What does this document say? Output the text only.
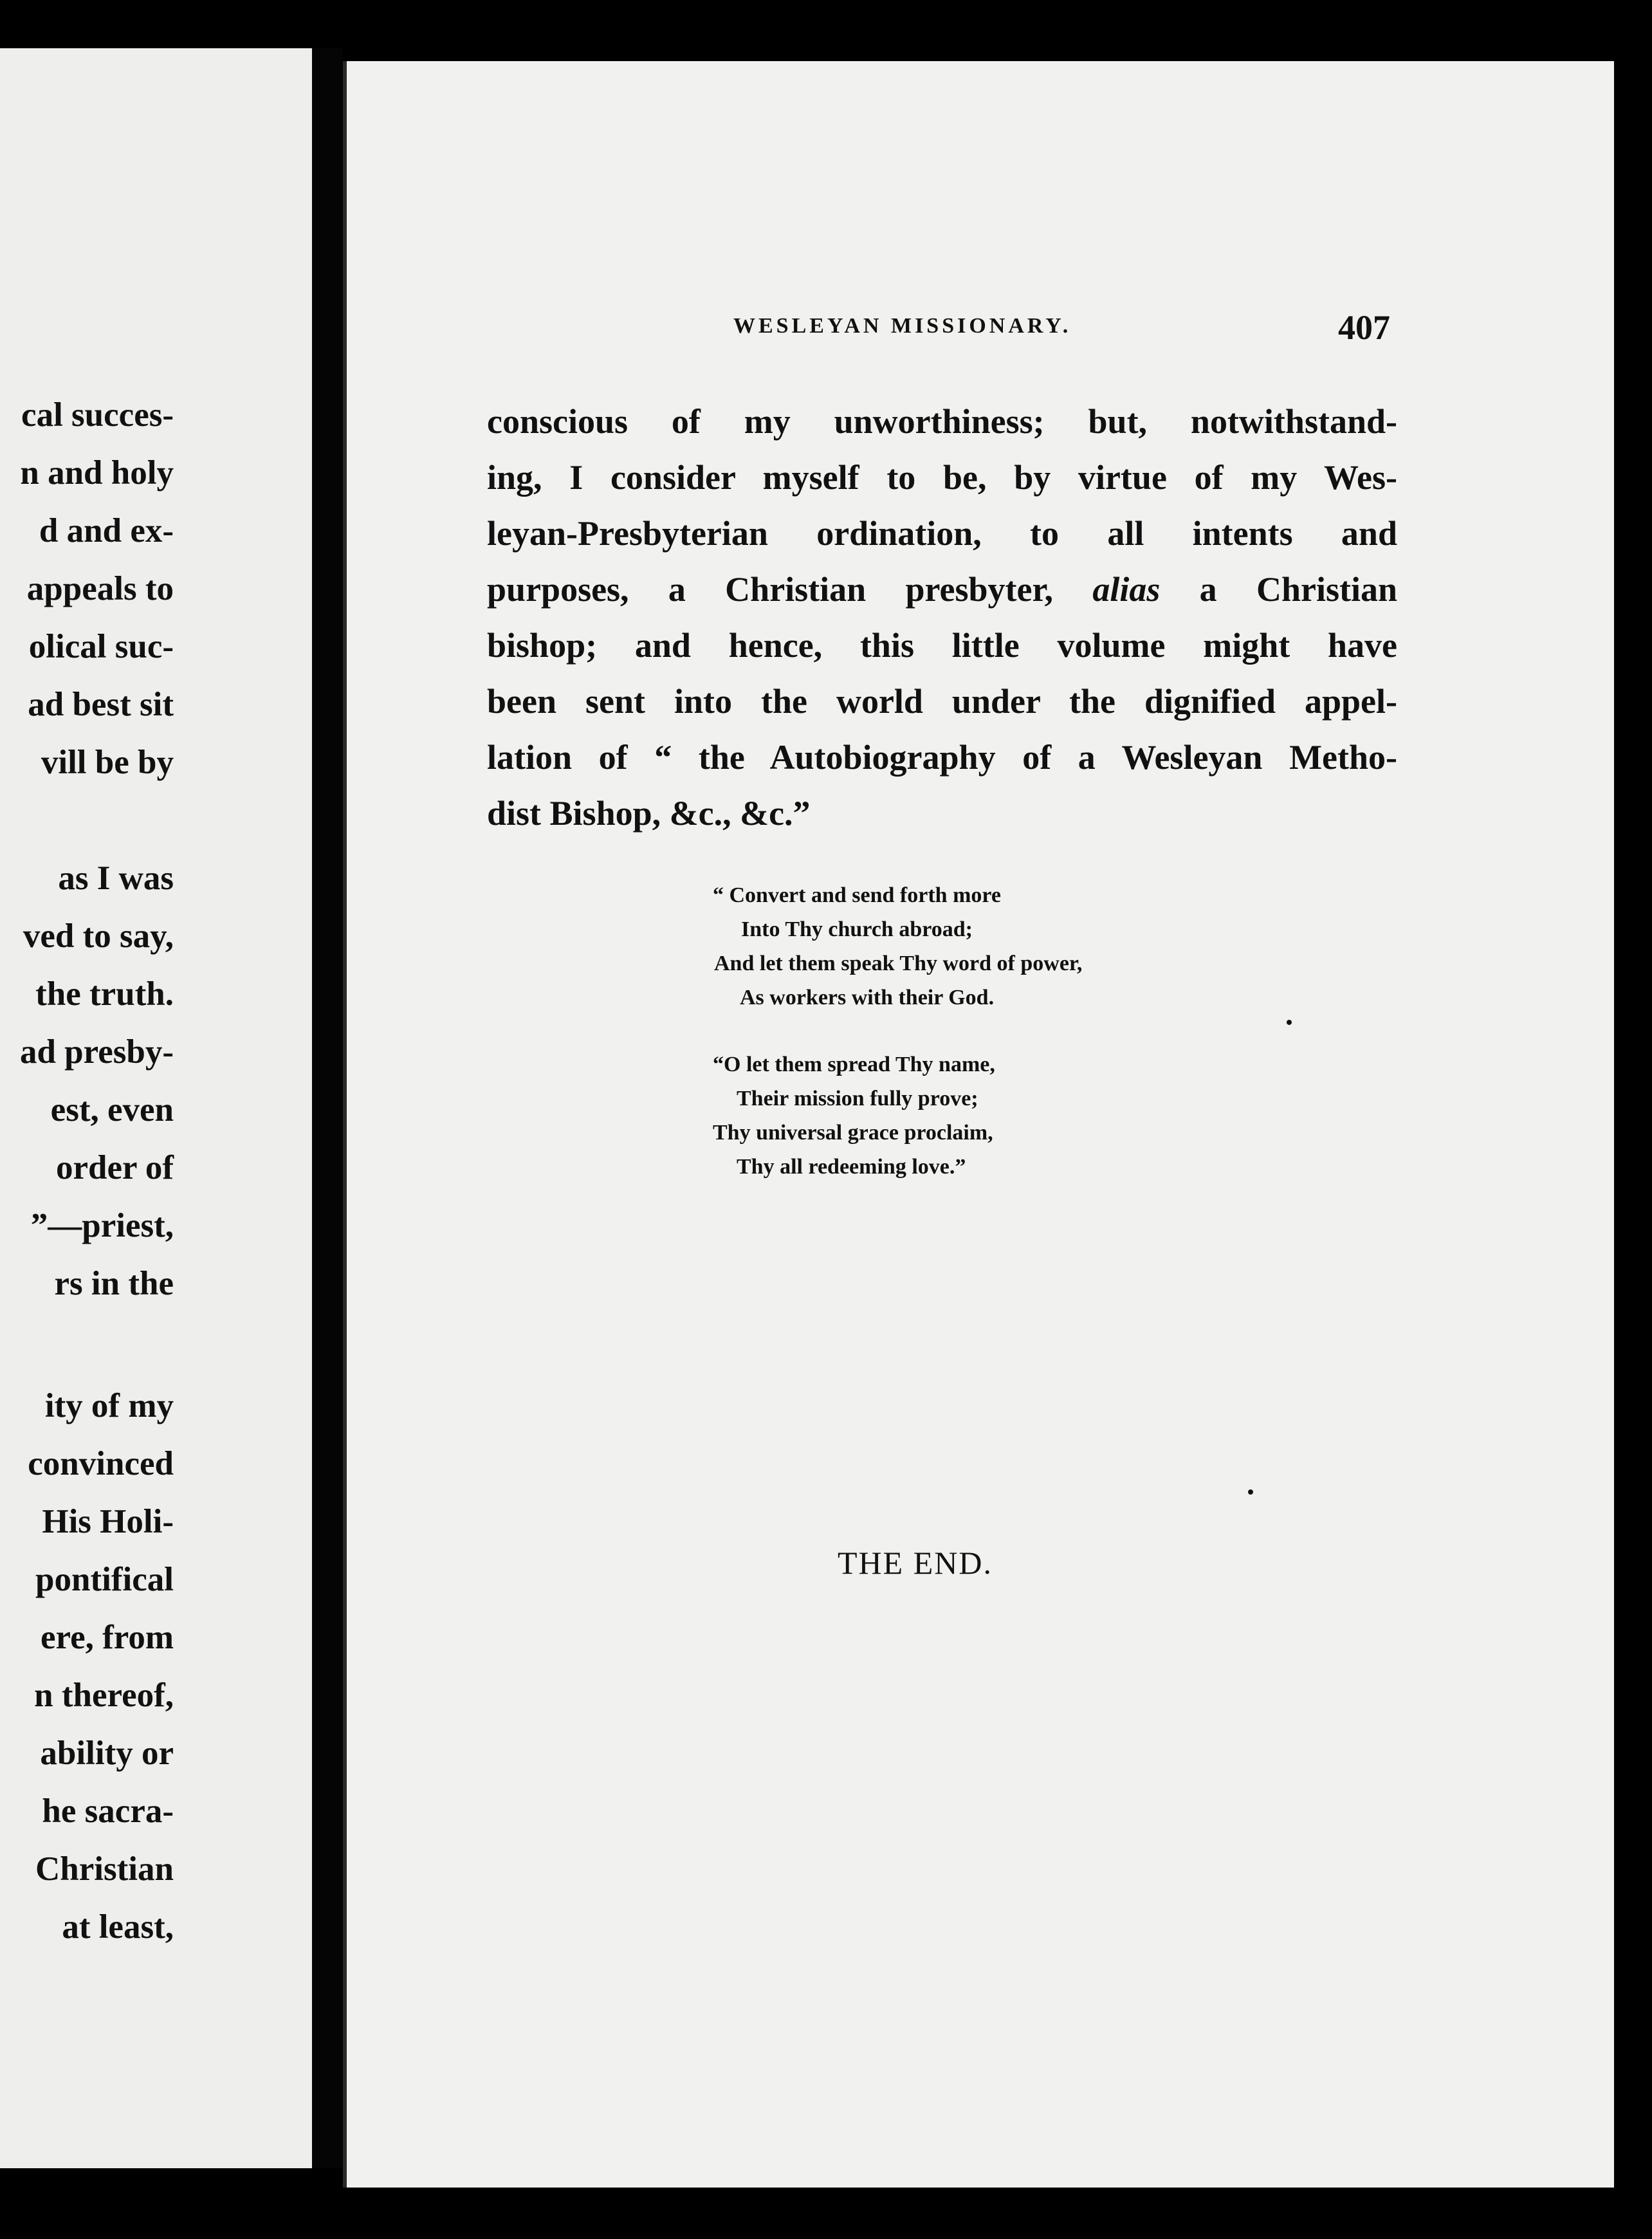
cal succes-
n and holy
d and ex-
appeals to
olical suc-
ad best sit
vill be by
as I was
ved to say,
the truth.
ad presby-
est, even
order of
”—priest,
rs in the
ity of my
convinced
His Holi-
pontifical
ere, from
n thereof,
ability or
he sacra-
Christian
at least,
WESLEYAN MISSIONARY.	407
conscious of my unworthiness; but, notwithstand-
ing, I consider myself to be, by virtue of my Wes-
leyan-Presbyterian ordination, to all intents and
purposes, a Christian presbyter, alias a Christian
bishop; and hence, this little volume might have
been sent into the world under the dignified appel-
lation of “ the Autobiography of a Wesleyan Metho-
dist Bishop, &c., &c.”
“ Convert and send forth more
Into Thy church abroad;
And let them speak Thy word of power,
As workers with their God.
“O let them spread Thy name,
Their mission fully prove;
Thy universal grace proclaim,
Thy all redeeming love.”
THE END.
